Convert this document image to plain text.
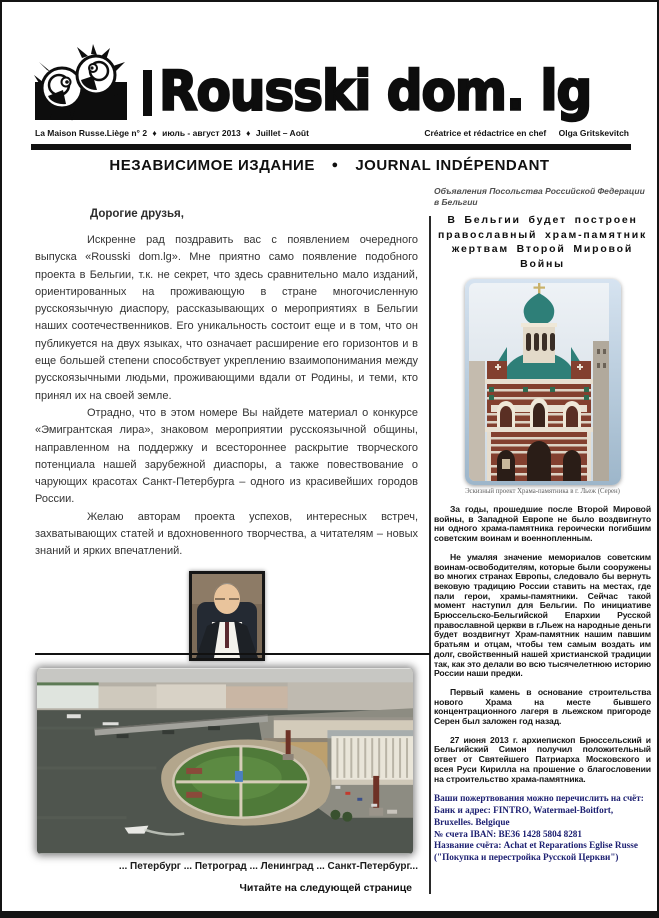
Rousski dom. lg
La Maison Russe.Liège n° 2 ♦ июль - август 2013 ♦ Juillet – Août	Créatrice et rédactrice en chef Olga Gritskevitch
НЕЗАВИСИМОЕ ИЗДАНИЕ ● JOURNAL INDÉPENDANT

Дорогие друзья,

Искренне рад поздравить вас с появлением очередного выпуска «Rousski dom.lg». Мне приятно само появление подобного проекта в Бельгии, т.к. не секрет, что здесь сравнительно мало изданий, ориентированных на проживающую в стране многочисленную русскоязычную диаспору, рассказывающих о мероприятиях в Бельгии наших соотечественников. Его уникальность состоит еще и в том, что он публикуется на двух языках, что означает расширение его горизонтов и в еще большей степени способствует укреплению взаимопонимания между русскоязычными людьми, проживающими вдали от Родины, и теми, кто принял их на своей земле.

Отрадно, что в этом номере Вы найдете материал о конкурсе «Эмигрантская лира», знаковом мероприятии русскоязычной общины, направленном на поддержку и всестороннее раскрытие творческого потенциала нашей зарубежной диаспоры, а также повествование о чарующих красотах Санкт-Петербурга – одного из красивейших городов России.

Желаю авторам проекта успехов, интересных встреч, захватывающих статей и вдохновенного творчества, а читателям – новых знаний и ярких впечатлений.

... Петербург ... Петроград ... Ленинград ... Санкт-Петербург...
Читайте на следующей странице

Объявления Посольства Российской Федерации в Бельгии

В Бельгии будет построен православный храм-памятник жертвам Второй Мировой Войны
Эскизный проект Храма-памятника в г. Льеж (Серен)

За годы, прошедшие после Второй Мировой войны, в Западной Европе не было воздвигнуто ни одного храма-памятника героически погибшим советским воинам и военнопленным.

Не умаляя значение мемориалов советским воинам-освободителям, которые были сооружены во многих странах Европы, следовало бы вернуть вековую традицию России ставить на местах, где пали герои, храмы-памятники. Сейчас такой момент наступил для Бельгии. По инициативе Брюссельско-Бельгийской Епархии Русской православной церкви в г.Льеж на народные деньги будет воздвигнут Храм-памятник нашим павшим братьям и отцам, чтобы тем самым воздать им долг, свойственный нашей христианской традиции так, как это делали во всю тысячелетнюю историю России наши предки.

Первый камень в основание строительства нового Храма на месте бывшего концентрационного лагеря в льежском пригороде Серен был заложен год назад.

27 июня 2013 г. архиепископ Брюссельский и Бельгийский Симон получил положительный ответ от Святейшего Патриарха Московского и всея Руси Кирилла на прошение о благословении на строительство храма-памятника.

Ваши пожертвования можно перечислить на счёт:
Банк и адрес: FINTRO, Watermael-Boitfort, Bruxelles. Belgique
№ счета IBAN: BE36 1428 5804 8281
Название счёта: Achat et Reparations Eglise Russe
("Покупка и перестройка Русской Церкви")
